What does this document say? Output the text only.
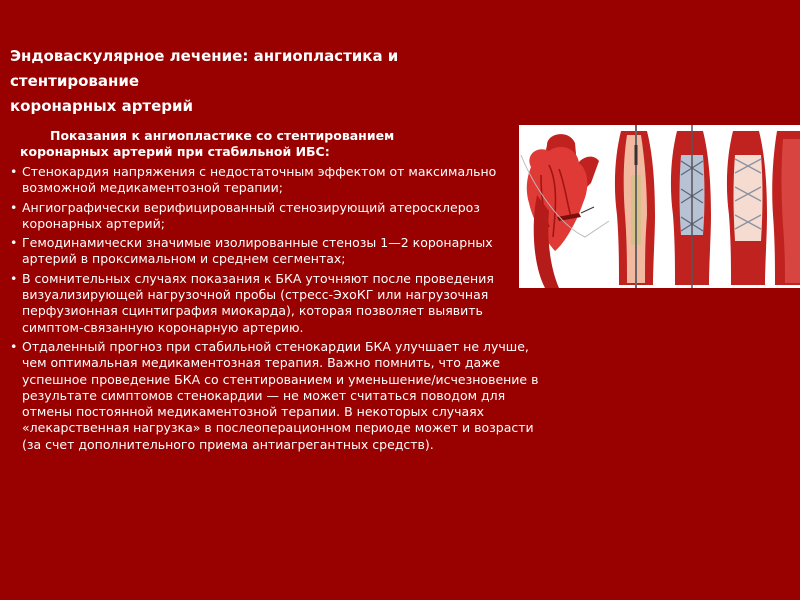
Эндоваскулярное лечение: ангиопластика и
стентирование
коронарных артерий
Показания к ангиопластике со стентированием
коронарных артерий при стабильной ИБС:
• Стенокардия напряжения с недостаточным эффектом от максимально возможной медикаментозной терапии;
• Ангиографически верифицированный стенозирующий атеросклероз коронарных артерий;
• Гемодинамически значимые изолированные стенозы 1—2 коронарных артерий в проксимальном и среднем сегментах;
• В сомнительных случаях показания к БКА уточняют после проведения визуализирующей нагрузочной пробы (стресс-ЭхоКГ или нагрузочная перфузионная сцинтиграфия миокарда), которая позволяет выявить симптом-связанную коронарную артерию.
• Отдаленный прогноз при стабильной стенокардии БКА улучшает не лучше, чем оптимальная медикаментозная терапия. Важно помнить, что даже успешное проведение БКА со стентированием и уменьшение/исчезновение в результате симптомов стенокардии — не может считаться поводом для отмены постоянной медикаментозной терапии. В некоторых случаях «лекарственная нагрузка» в послеоперационном периоде может и возрасти (за счет дополнительного приема антиагрегантных средств).
